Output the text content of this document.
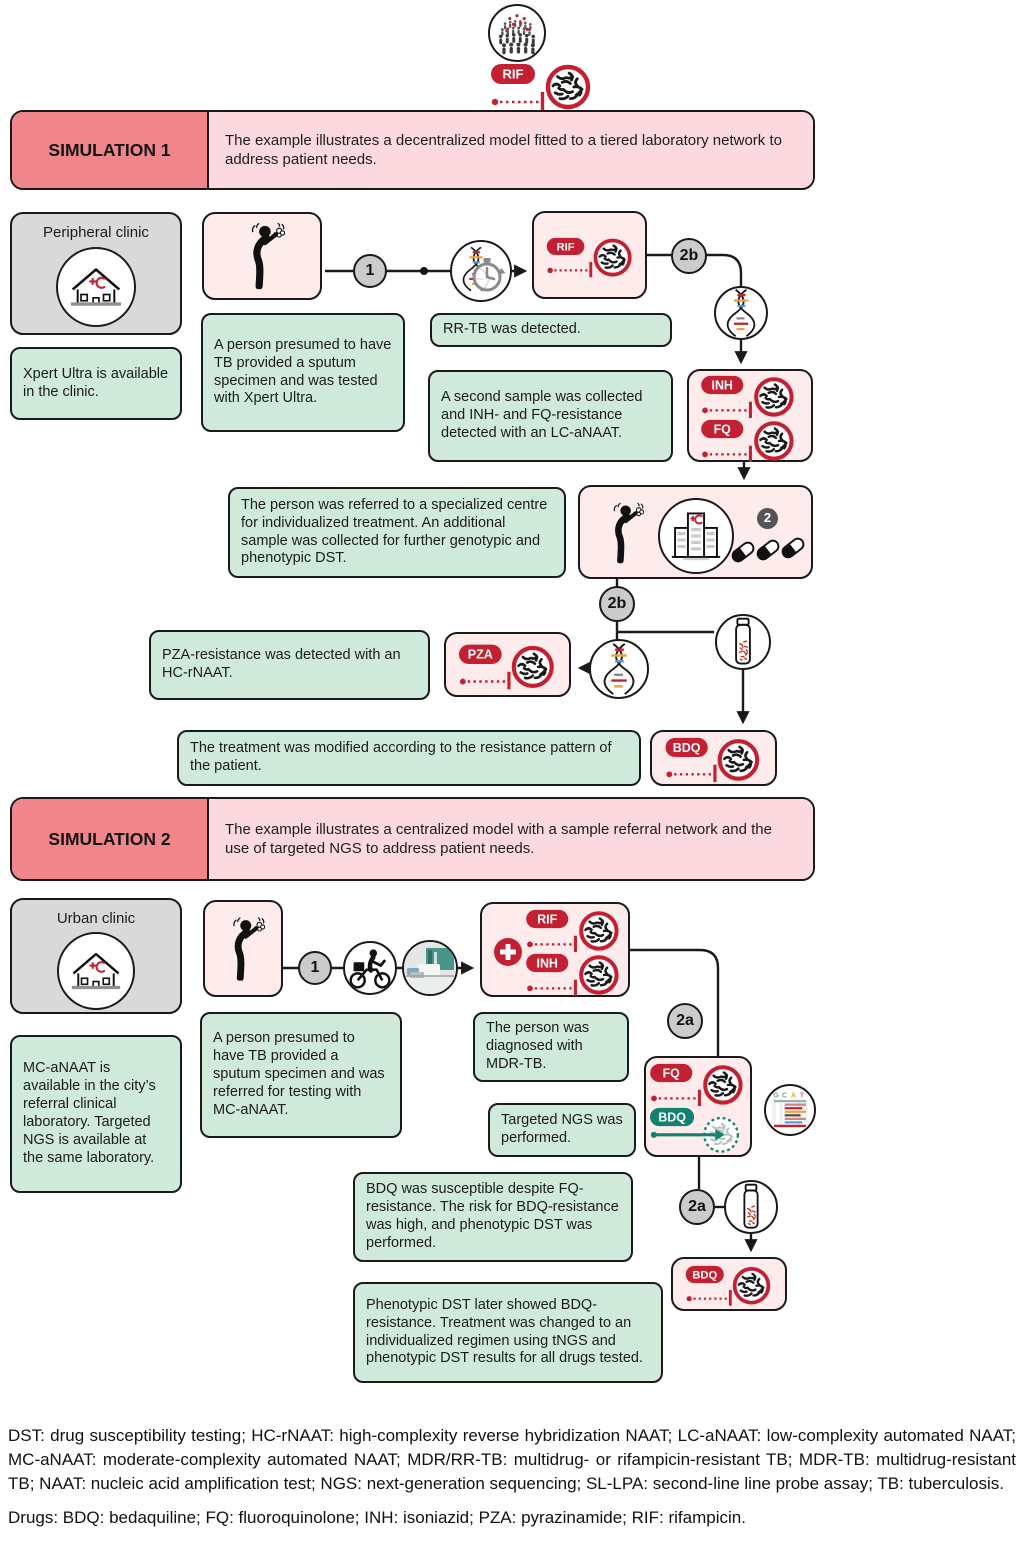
RIF
SIMULATION 1	The example illustrates a decentralized model fitted to a tiered laboratory network to address patient needs.
Peripheral clinic
Xpert Ultra is available in the clinic.
1
RIF	2b
A person presumed to have TB provided a sputum specimen and was tested with Xpert Ultra.
RR-TB was detected.
A second sample was collected and INH- and FQ-resistance detected with an LC-aNAAT.
INH
FQ
The person was referred to a specialized centre for individualized treatment. An additional sample was collected for further genotypic and phenotypic DST.
2
2b
PZA-resistance was detected with an HC-rNAAT.
PZA
The treatment was modified according to the resistance pattern of the patient.
BDQ
SIMULATION 2	The example illustrates a centralized model with a sample referral network and the use of targeted NGS to address patient needs.
Urban clinic
MC-aNAAT is available in the city’s referral clinical laboratory. Targeted NGS is available at the same laboratory.
1
RIF
INH
A person presumed to have TB provided a sputum specimen and was referred for testing with MC-aNAAT.
The person was diagnosed with MDR-TB.
2a
Targeted NGS was performed.
FQ
BDQ
G C A T
BDQ was susceptible despite FQ-resistance. The risk for BDQ-resistance was high, and phenotypic DST was performed.
2a
BDQ
Phenotypic DST later showed BDQ-resistance. Treatment was changed to an individualized regimen using tNGS and phenotypic DST results for all drugs tested.

DST: drug susceptibility testing; HC-rNAAT: high-complexity reverse hybridization NAAT; LC-aNAAT: low-complexity automated NAAT; MC-aNAAT: moderate-complexity automated NAAT; MDR/RR-TB: multidrug- or rifampicin-resistant TB; MDR-TB: multidrug-resistant TB; NAAT: nucleic acid amplification test; NGS: next-generation sequencing; SL-LPA: second-line line probe assay; TB: tuberculosis.

Drugs: BDQ: bedaquiline; FQ: fluoroquinolone; INH: isoniazid; PZA: pyrazinamide; RIF: rifampicin.
